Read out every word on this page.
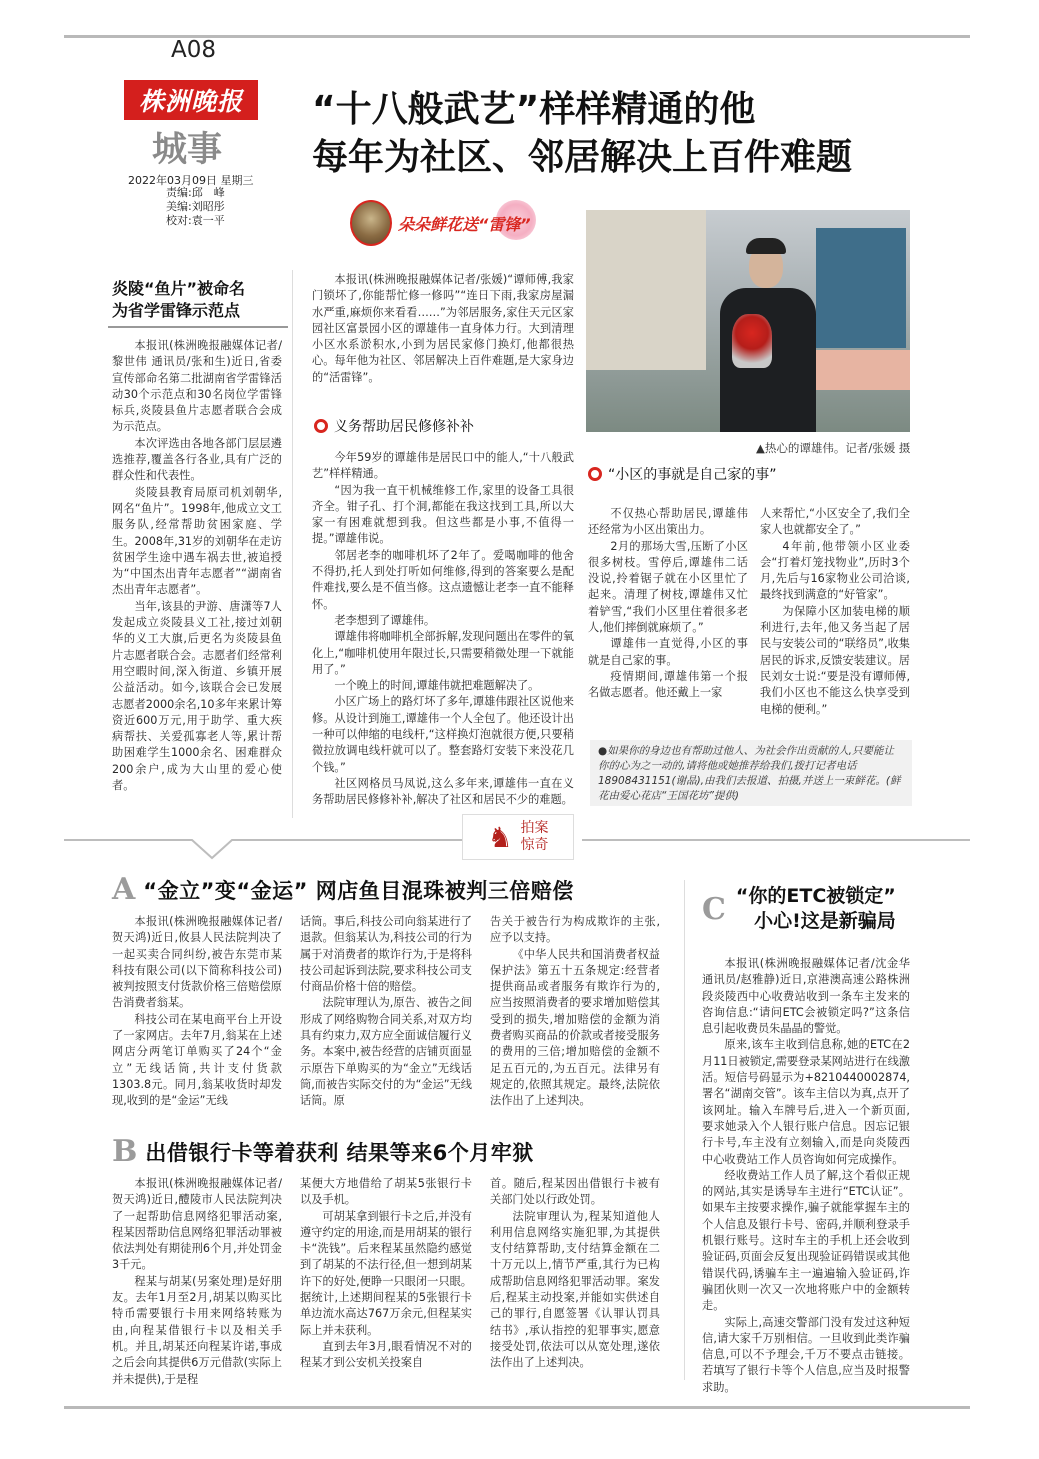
A08
株洲晚报
城事
2022年03月09日 星期三
责编:邱　峰
美编:刘昭彤
校对:袁一平
“十八般武艺”样样精通的他
每年为社区、邻居解决上百件难题
炎陵“鱼片”被命名
为省学雷锋示范点

本报讯(株洲晚报融媒体记者/黎世伟 通讯员/张和生)近日,省委宣传部命名第二批湖南省学雷锋活动30个示范点和30名岗位学雷锋标兵,炎陵县鱼片志愿者联合会成为示范点。

本次评选由各地各部门层层遴选推荐,覆盖各行各业,具有广泛的群众性和代表性。

炎陵县教育局原司机刘朝华,网名“鱼片”。1998年,他成立文工服务队,经常帮助贫困家庭、学生。2008年,31岁的刘朝华在走访贫困学生途中遇车祸去世,被追授为“中国杰出青年志愿者”“湖南省杰出青年志愿者”。

当年,该县的尹游、唐潇等7人发起成立炎陵县义工社,接过刘朝华的义工大旗,后更名为炎陵县鱼片志愿者联合会。志愿者们经常利用空暇时间,深入街道、乡镇开展公益活动。如今,该联合会已发展志愿者2000余名,10多年来累计筹资近600万元,用于助学、重大疾病帮扶、关爱孤寡老人等,累计帮助困难学生1000余名、困难群众200余户,成为大山里的爱心使者。

朵朵鲜花送“雷锋”
▲热心的谭雄伟。记者/张媛 摄

本报讯(株洲晚报融媒体记者/张媛)“谭师傅,我家门锁坏了,你能帮忙修一修吗”“连日下雨,我家房屋漏水严重,麻烦你来看看……”为邻居服务,家住天元区家园社区富景园小区的谭雄伟一直身体力行。大到清理小区水系淤积水,小到为居民家修门换灯,他都很热心。每年他为社区、邻居解决上百件难题,是大家身边的“活雷锋”。

义务帮助居民修修补补

今年59岁的谭雄伟是居民口中的能人,“十八般武艺”样样精通。

“因为我一直干机械维修工作,家里的设备工具很齐全。钳子孔、打个洞,都能在我这找到工具,所以大家一有困难就想到我。但这些都是小事,不值得一提。”谭雄伟说。

邻居老李的咖啡机坏了2年了。爱喝咖啡的他舍不得扔,托人到处打听如何维修,得到的答案要么是配件难找,要么是不值当修。这点遗憾让老李一直不能释怀。

老李想到了谭雄伟。

谭雄伟将咖啡机全部拆解,发现问题出在零件的氧化上,“咖啡机使用年限过长,只需要稍微处理一下就能用了。”

一个晚上的时间,谭雄伟就把难题解决了。

小区广场上的路灯坏了多年,谭雄伟跟社区说他来修。从设计到施工,谭雄伟一个人全包了。他还设计出一种可以伸缩的电线杆,“这样换灯泡就很方便,只要稍微拉放调电线杆就可以了。整套路灯安装下来没花几个钱。”

社区网格员马凤说,这么多年来,谭雄伟一直在义务帮助居民修修补补,解决了社区和居民不少的难题。

“小区的事就是自己家的事”

不仅热心帮助居民,谭雄伟还经常为小区出策出力。

2月的那场大雪,压断了小区很多树枝。雪停后,谭雄伟二话没说,拎着锯子就在小区里忙了起来。清理了树枝,谭雄伟又忙着铲雪,“我们小区里住着很多老人,他们摔倒就麻烦了。”

谭雄伟一直觉得,小区的事就是自己家的事。

疫情期间,谭雄伟第一个报名做志愿者。他还戴上一家

人来帮忙,“小区安全了,我们全家人也就都安全了。”

4年前,他带领小区业委会“打着灯笼找物业”,历时3个月,先后与16家物业公司洽谈,最终找到满意的“好管家”。

为保障小区加装电梯的顺利进行,去年,他又务当起了居民与安装公司的“联络员”,收集居民的诉求,反馈安装建议。居民刘女士说:“要是没有谭师傅,我们小区也不能这么快享受到电梯的便利。”

●如果你的身边也有帮助过他人、为社会作出贡献的人,只要能让你的心为之一动的,请将他或她推荐给我们,拨打记者电话18908431151(谢晶),由我们去报道、拍摄,并送上一束鲜花。(鲜花由爱心花店“王国花坊”提供)
♞ 拍案
惊奇
A “金立”变“金运” 网店鱼目混珠被判三倍赔偿

本报讯(株洲晚报融媒体记者/贺天鸿)近日,攸县人民法院判决了一起买卖合同纠纷,被告东莞市某科技有限公司(以下简称科技公司)被判按照支付货款价格三倍赔偿原告消费者翁某。

科技公司在某电商平台上开设了一家网店。去年7月,翁某在上述网店分两笔订单购买了24个“金立”无线话筒,共计支付货款1303.8元。同月,翁某收货时却发现,收到的是“金运”无线

话筒。事后,科技公司向翁某进行了退款。但翁某认为,科技公司的行为属于对消费者的欺诈行为,于是将科技公司起诉到法院,要求科技公司支付商品价格十倍的赔偿。

法院审理认为,原告、被告之间形成了网络购物合同关系,对双方均具有约束力,双方应全面诚信履行义务。本案中,被告经营的店铺页面显示原告下单购买的为“金立”无线话筒,而被告实际交付的为“金运”无线话筒。原

告关于被告行为构成欺诈的主张,应予以支持。

《中华人民共和国消费者权益保护法》第五十五条规定:经营者提供商品或者服务有欺诈行为的,应当按照消费者的要求增加赔偿其受到的损失,增加赔偿的金额为消费者购买商品的价款或者接受服务的费用的三倍;增加赔偿的金额不足五百元的,为五百元。法律另有规定的,依照其规定。最终,法院依法作出了上述判决。

B 出借银行卡等着获利 结果等来6个月牢狱

本报讯(株洲晚报融媒体记者/贺天鸿)近日,醴陵市人民法院判决了一起帮助信息网络犯罪活动案,程某因帮助信息网络犯罪活动罪被依法判处有期徒刑6个月,并处罚金3千元。

程某与胡某(另案处理)是好朋友。去年1月至2月,胡某以购买比特币需要银行卡用来网络转账为由,向程某借银行卡以及相关手机。并且,胡某还向程某许诺,事成之后会向其提供6万元借款(实际上并未提供),于是程

某便大方地借给了胡某5张银行卡以及手机。

可胡某拿到银行卡之后,并没有遵守约定的用途,而是用胡某的银行卡“洗钱”。后来程某虽然隐约感觉到了胡某的不法行径,但一想到胡某许下的好处,便睁一只眼闭一只眼。据统计,上述期间程某的5张银行卡单边流水高达767万余元,但程某实际上并未获利。

直到去年3月,眼看情况不对的程某才到公安机关投案自

首。随后,程某因出借银行卡被有关部门处以行政处罚。

法院审理认为,程某知道他人利用信息网络实施犯罪,为其提供支付结算帮助,支付结算金额在二十万元以上,情节严重,其行为已构成帮助信息网络犯罪活动罪。案发后,程某主动投案,并能如实供述自己的罪行,自愿签署《认罪认罚具结书》,承认指控的犯罪事实,愿意接受处罚,依法可以从宽处理,遂依法作出了上述判决。

C “你的ETC被锁定”
小心!这是新骗局

本报讯(株洲晚报融媒体记者/沈金华 通讯员/赵雅静)近日,京港澳高速公路株洲段炎陵西中心收费站收到一条车主发来的咨询信息:“请问ETC会被锁定吗?”这条信息引起收费员朱晶晶的警觉。

原来,该车主收到信息称,她的ETC在2月11日被锁定,需要登录某网站进行在线激活。短信号码显示为+8210440002874,署名“湖南交管”。该车主信以为真,点开了该网址。输入车牌号后,进入一个新页面,要求她录入个人银行账户信息。因忘记银行卡号,车主没有立刻输入,而是向炎陵西中心收费站工作人员咨询如何完成操作。

经收费站工作人员了解,这个看似正规的网站,其实是诱导车主进行“ETC认证”。如果车主按要求操作,骗子就能掌握车主的个人信息及银行卡号、密码,并顺利登录手机银行账号。这时车主的手机上还会收到验证码,页面会反复出现验证码错误或其他错误代码,诱骗车主一遍遍输入验证码,诈骗团伙则一次又一次地将账户中的金额转走。

实际上,高速交警部门没有发过这种短信,请大家千万别相信。一旦收到此类诈骗信息,可以不予理会,千万不要点击链接。若填写了银行卡等个人信息,应当及时报警求助。
